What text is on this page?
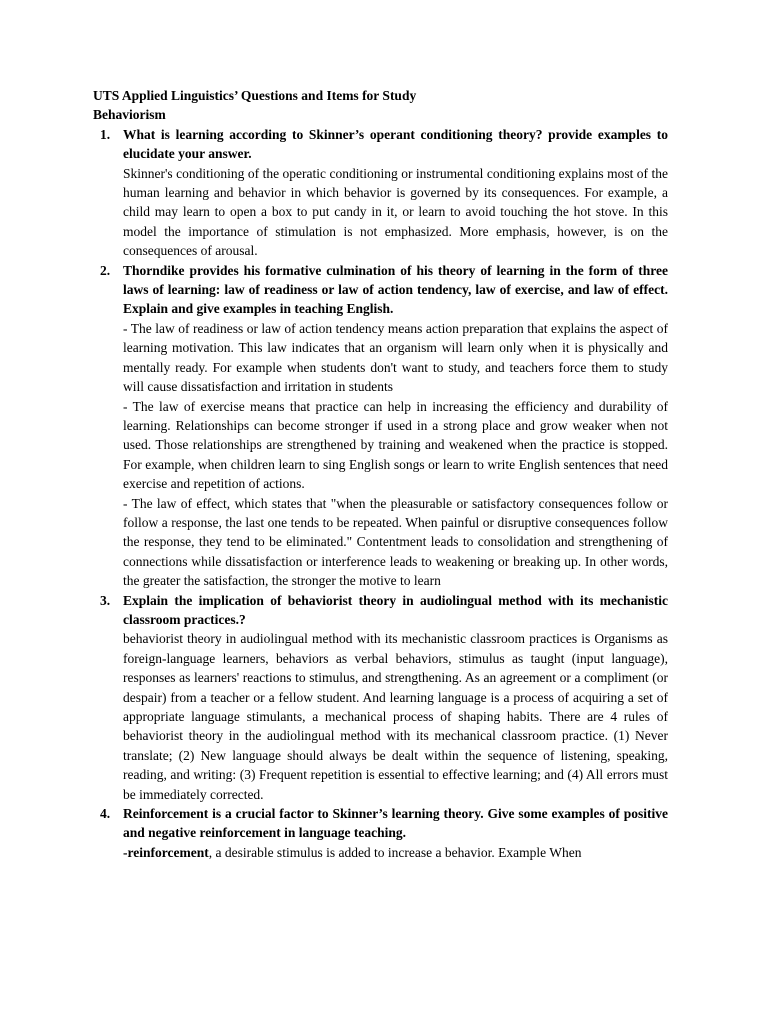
UTS Applied Linguistics’ Questions and Items for Study
Behaviorism
1. What is learning according to Skinner’s operant conditioning theory? provide examples to elucidate your answer.
Skinner's conditioning of the operatic conditioning or instrumental conditioning explains most of the human learning and behavior in which behavior is governed by its consequences. For example, a child may learn to open a box to put candy in it, or learn to avoid touching the hot stove. In this model the importance of stimulation is not emphasized. More emphasis, however, is on the consequences of arousal.
2. Thorndike provides his formative culmination of his theory of learning in the form of three laws of learning: law of readiness or law of action tendency, law of exercise, and law of effect. Explain and give examples in teaching English.
- The law of readiness or law of action tendency means action preparation that explains the aspect of learning motivation. This law indicates that an organism will learn only when it is physically and mentally ready. For example when students don't want to study, and teachers force them to study will cause dissatisfaction and irritation in students
- The law of exercise means that practice can help in increasing the efficiency and durability of learning. Relationships can become stronger if used in a strong place and grow weaker when not used. Those relationships are strengthened by training and weakened when the practice is stopped. For example, when children learn to sing English songs or learn to write English sentences that need exercise and repetition of actions.
- The law of effect, which states that "when the pleasurable or satisfactory consequences follow or follow a response, the last one tends to be repeated. When painful or disruptive consequences follow the response, they tend to be eliminated." Contentment leads to consolidation and strengthening of connections while dissatisfaction or interference leads to weakening or breaking up. In other words, the greater the satisfaction, the stronger the motive to learn
3. Explain the implication of behaviorist theory in audiolingual method with its mechanistic classroom practices.?
behaviorist theory in audiolingual method with its mechanistic classroom practices is Organisms as foreign-language learners, behaviors as verbal behaviors, stimulus as taught (input language), responses as learners' reactions to stimulus, and strengthening. As an agreement or a compliment (or despair) from a teacher or a fellow student. And learning language is a process of acquiring a set of appropriate language stimulants, a mechanical process of shaping habits. There are 4 rules of behaviorist theory in the audiolingual method with its mechanical classroom practice. (1) Never translate; (2) New language should always be dealt within the sequence of listening, speaking, reading, and writing: (3) Frequent repetition is essential to effective learning; and (4) All errors must be immediately corrected.
4. Reinforcement is a crucial factor to Skinner’s learning theory. Give some examples of positive and negative reinforcement in language teaching.
-reinforcement, a desirable stimulus is added to increase a behavior. Example When
